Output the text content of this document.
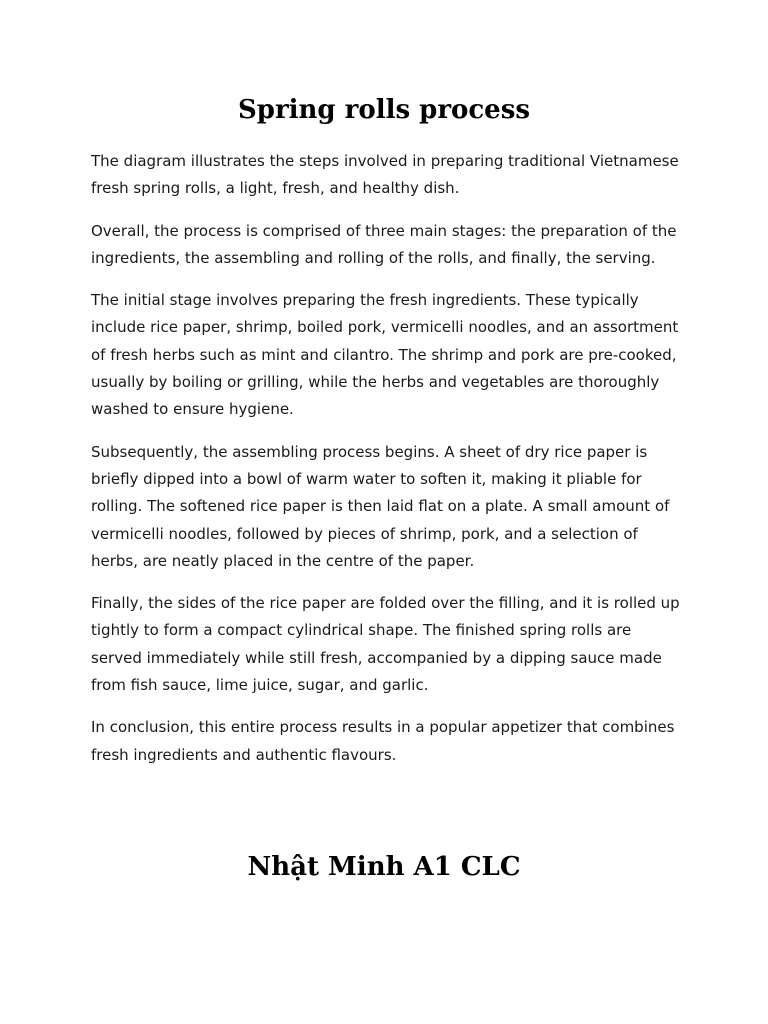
Spring rolls process

The diagram illustrates the steps involved in preparing traditional Vietnamese fresh spring rolls, a light, fresh, and healthy dish.

Overall, the process is comprised of three main stages: the preparation of the ingredients, the assembling and rolling of the rolls, and finally, the serving.

The initial stage involves preparing the fresh ingredients. These typically include rice paper, shrimp, boiled pork, vermicelli noodles, and an assortment of fresh herbs such as mint and cilantro. The shrimp and pork are pre-cooked, usually by boiling or grilling, while the herbs and vegetables are thoroughly washed to ensure hygiene.

Subsequently, the assembling process begins. A sheet of dry rice paper is briefly dipped into a bowl of warm water to soften it, making it pliable for rolling. The softened rice paper is then laid flat on a plate. A small amount of vermicelli noodles, followed by pieces of shrimp, pork, and a selection of herbs, are neatly placed in the centre of the paper.

Finally, the sides of the rice paper are folded over the filling, and it is rolled up tightly to form a compact cylindrical shape. The finished spring rolls are served immediately while still fresh, accompanied by a dipping sauce made from fish sauce, lime juice, sugar, and garlic.

In conclusion, this entire process results in a popular appetizer that combines fresh ingredients and authentic flavours.

Nhật Minh A1 CLC
